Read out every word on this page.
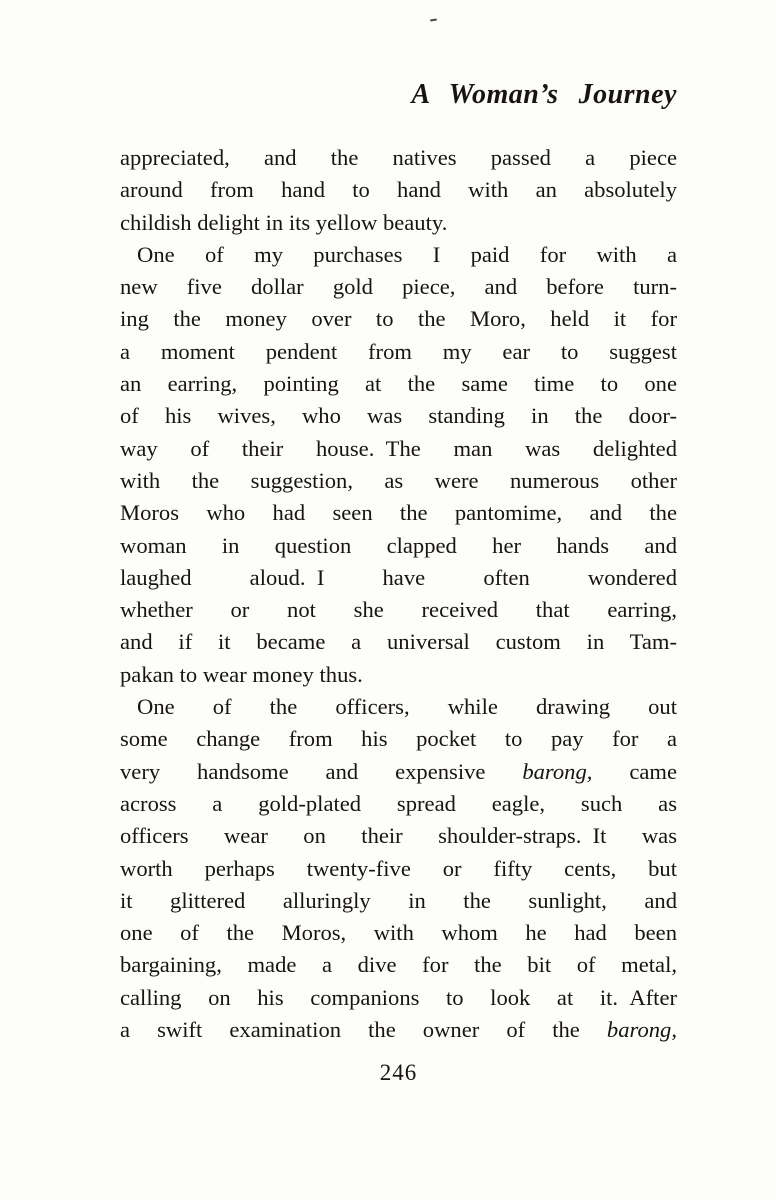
A Woman’s Journey
appreciated, and the natives passed a piece
around from hand to hand with an absolutely
childish delight in its yellow beauty.
One of my purchases I paid for with a
new five dollar gold piece, and before turn-
ing the money over to the Moro, held it for
a moment pendent from my ear to suggest
an earring, pointing at the same time to one
of his wives, who was standing in the door-
way of their house. The man was delighted
with the suggestion, as were numerous other
Moros who had seen the pantomime, and the
woman in question clapped her hands and
laughed aloud. I have often wondered
whether or not she received that earring,
and if it became a universal custom in Tam-
pakan to wear money thus.
One of the officers, while drawing out
some change from his pocket to pay for a
very handsome and expensive barong, came
across a gold-plated spread eagle, such as
officers wear on their shoulder-straps. It was
worth perhaps twenty-five or fifty cents, but
it glittered alluringly in the sunlight, and
one of the Moros, with whom he had been
bargaining, made a dive for the bit of metal,
calling on his companions to look at it. After
a swift examination the owner of the barong,
246
